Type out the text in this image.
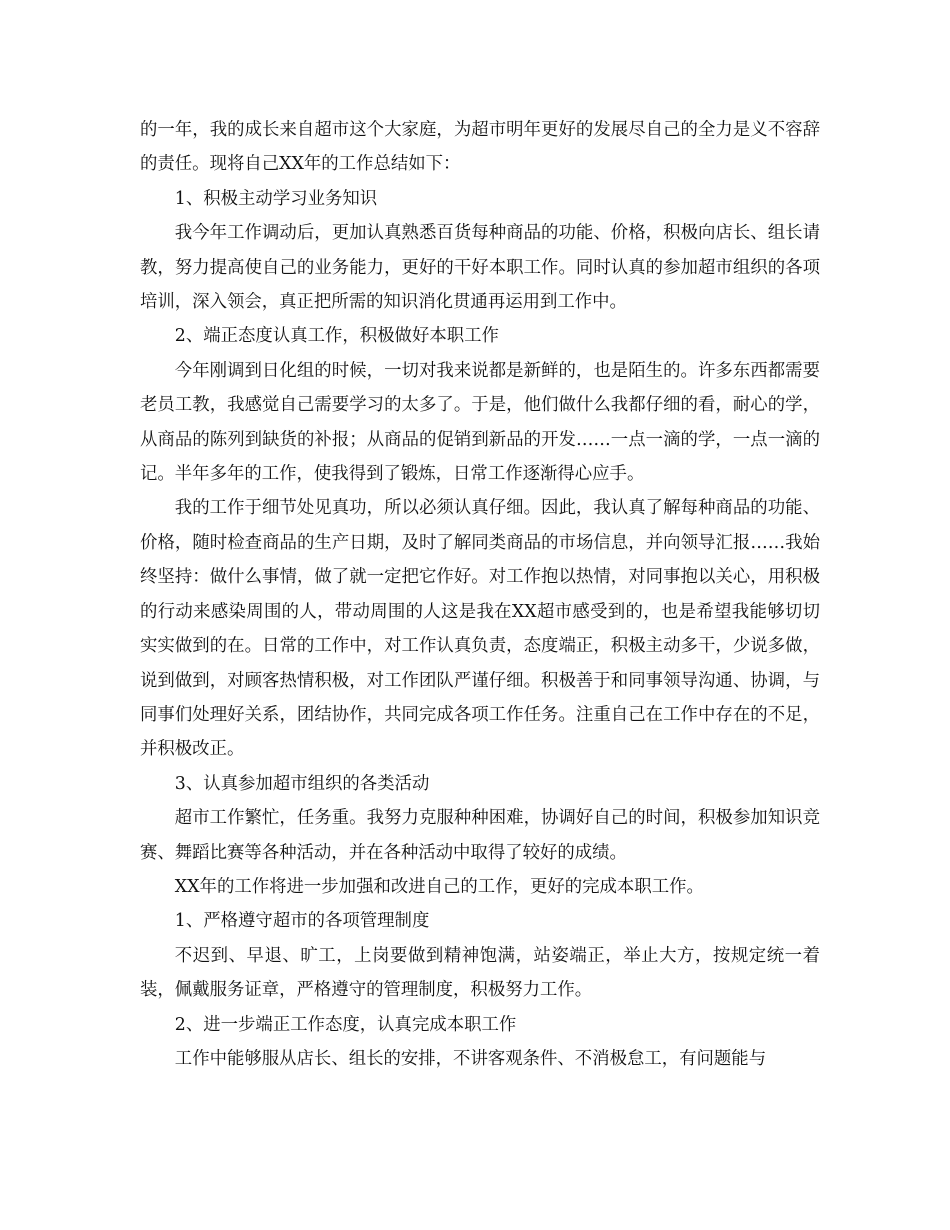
的一年，我的成长来自超市这个大家庭，为超市明年更好的发展尽自己的全力是义不容辞的责任。现将自己XX年的工作总结如下：

1、积极主动学习业务知识

我今年工作调动后，更加认真熟悉百货每种商品的功能、价格，积极向店长、组长请教，努力提高使自己的业务能力，更好的干好本职工作。同时认真的参加超市组织的各项培训，深入领会，真正把所需的知识消化贯通再运用到工作中。

2、端正态度认真工作，积极做好本职工作

今年刚调到日化组的时候，一切对我来说都是新鲜的，也是陌生的。许多东西都需要老员工教，我感觉自己需要学习的太多了。于是，他们做什么我都仔细的看，耐心的学，从商品的陈列到缺货的补报；从商品的促销到新品的开发……一点一滴的学，一点一滴的记。半年多年的工作，使我得到了锻炼，日常工作逐渐得心应手。

我的工作于细节处见真功，所以必须认真仔细。因此，我认真了解每种商品的功能、价格，随时检查商品的生产日期，及时了解同类商品的市场信息，并向领导汇报……我始终坚持：做什么事情，做了就一定把它作好。对工作抱以热情，对同事抱以关心，用积极的行动来感染周围的人，带动周围的人这是我在XX超市感受到的，也是希望我能够切切实实做到的在。日常的工作中，对工作认真负责，态度端正，积极主动多干，少说多做，说到做到，对顾客热情积极，对工作团队严谨仔细。积极善于和同事领导沟通、协调，与同事们处理好关系，团结协作，共同完成各项工作任务。注重自己在工作中存在的不足，并积极改正。

3、认真参加超市组织的各类活动

超市工作繁忙，任务重。我努力克服种种困难，协调好自己的时间，积极参加知识竞赛、舞蹈比赛等各种活动，并在各种活动中取得了较好的成绩。

XX年的工作将进一步加强和改进自己的工作，更好的完成本职工作。

1、严格遵守超市的各项管理制度

不迟到、早退、旷工，上岗要做到精神饱满，站姿端正，举止大方，按规定统一着装，佩戴服务证章，严格遵守的管理制度，积极努力工作。

2、进一步端正工作态度，认真完成本职工作

工作中能够服从店长、组长的安排，不讲客观条件、不消极怠工，有问题能与
